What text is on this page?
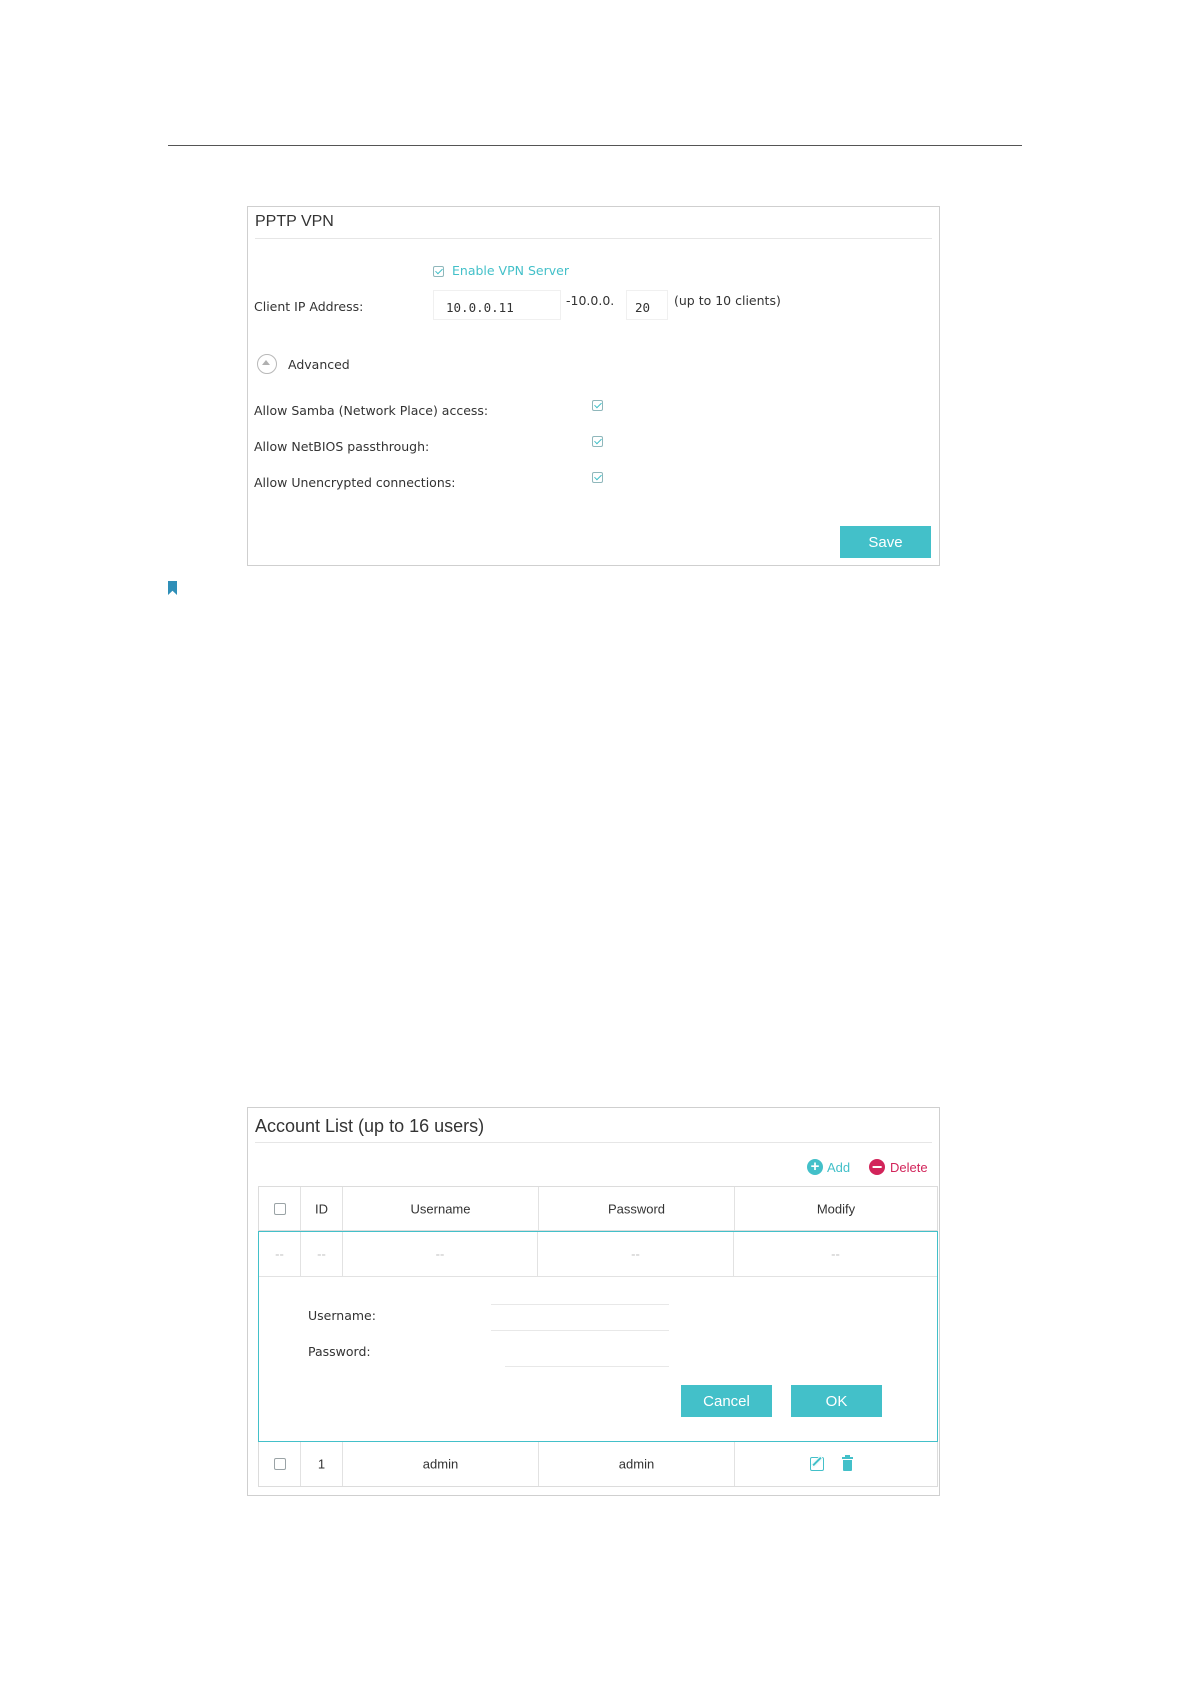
PPTP VPN
Enable VPN Server
Client IP Address:	10.0.0.11	-10.0.0.	20	(up to 10 clients)
Advanced
Allow Samba (Network Place) access:
Allow NetBIOS passthrough:
Allow Unencrypted connections:
Save
Account List (up to 16 users)
+ Add − Delete
ID	Username	Password	Modify
--	--	--	--	--
Username:
Password:
Cancel	OK
1	admin	admin
